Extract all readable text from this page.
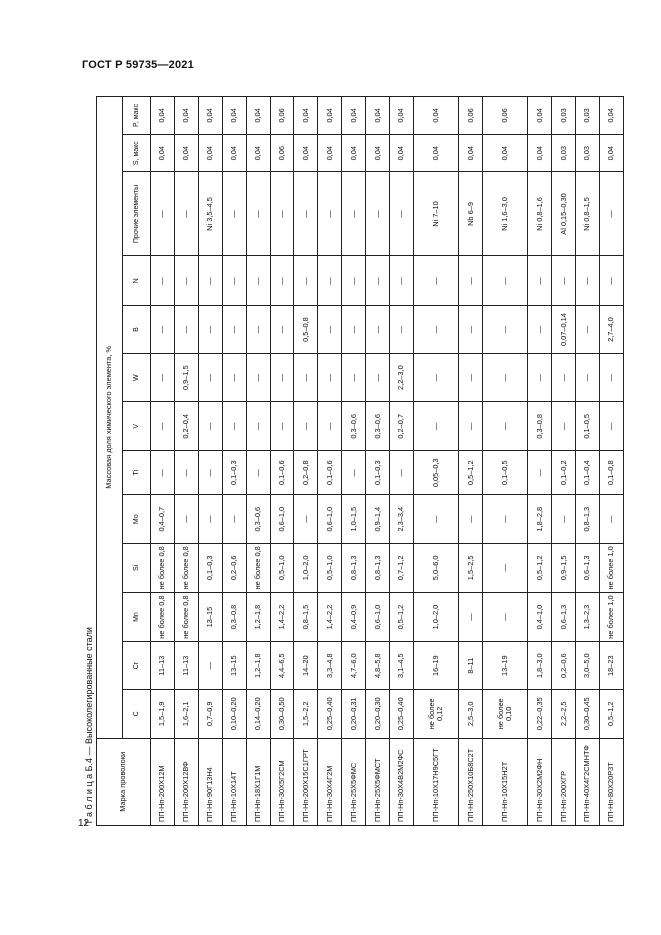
ГОСТ Р 59735—2021
12
Т а б л и ц а Б.4 — Высоколегированные стали	Марка проволоки	Массовая доля химического элемента, %												
	C	Cr	Mn	Si	Mo	Ti	V	W	B	N	Прочие элементы	S, макс	P, макс
ПП-Нп-200Х12М	1,5–1,9	11–13	не более 0,8	не более 0,8	0,4–0,7	—	—	—	—	—	—	0,04	0,04
ПП-Нп-200Х12ВФ	1,6–2,1	11–13	не более 0,8	не более 0,8	—	—	0,2–0,4	0,9–1,5	—	—	—	0,04	0,04
ПП-Нп-90Г13Н4	0,7–0,9	—	13–15	0,1–0,3	—	—	—	—	—	—	Ni 3,5–4,5	0,04	0,04
ПП-Нп-10Х14Т	0,10–0,20	13–15	0,3–0,8	0,2–0,6	—	0,1–0,3	—	—	—	—	—	0,04	0,04
ПП-Нп-18Х1Г1М	0,14–0,20	1,2–1,8	1,2–1,8	не более 0,8	0,3–0,6	—	—	—	—	—	—	0,04	0,04
ПП-Нп-30Х5Г2СМ	0,30–0,50	4,4–6,5	1,4–2,2	0,5–1,0	0,6–1,0	0,1–0,6	—	—	—	—	—	0,06	0,06
ПП-Нп-200Х15С1ГРТ	1,5–2,2	14–20	0,8–1,5	1,0–2,0	—	0,2–0,8	—	—	0,5–0,8	—	—	0,04	0,04
ПП-Нп-30Х4Г2М	0,25–0,40	3,3–4,8	1,4–2,2	0,5–1,0	0,6–1,0	0,1–0,6	—	—	—	—	—	0,04	0,04
ПП-Нп-25Х5ФМС	0,20–0,31	4,7–6,0	0,4–0,9	0,8–1,3	1,0–1,5	—	0,3–0,6	—	—	—	—	0,04	0,04
ПП-Нп-25Х5ФМСТ	0,20–0,30	4,8–5,8	0,6–1,0	0,8–1,3	0,9–1,4	0,1–0,3	0,3–0,6	—	—	—	—	0,04	0,04
ПП-Нп-30Х4В2М2ФС	0,25–0,40	3,1–4,5	0,5–1,2	0,7–1,2	2,3–3,4	—	0,2–0,7	2,2–3,0	—	—	—	0,04	0,04
ПП-Нп-10Х17Н9С5ГТ	не более 0,12	16–19	1,0–2,0	5,0–6,0	—	0,05–0,3	—	—	—	—	Ni 7–10	0,04	0,04
ПП-Нп-250Х10Б8С2Т	2,5–3,0	8–11	—	1,5–2,5	—	0,5–1,2	—	—	—	—	Nb 6–9	0,04	0,06
ПП-Нп-10Х15Н2Т	не более 0,10	13–19	—	—	—	0,1–0,5	—	—	—	—	Ni 1,6–3,0	0,04	0,06
ПП-Нп-30Х2М2ФН	0,22–0,35	1,8–3,0	0,4–1,0	0,5–1,2	1,8–2,8	—	0,3–0,8	—	—	—	Ni 0,8–1,6	0,04	0,04
ПП-Нп-200ХГР	2,2–2,5	0,2–0,6	0,6–1,3	0,9–1,5	—	0,1–0,2	—	—	0,07–0,14	—	Al 0,15–0,30	0,03	0,03
ПП-Нп-40Х4Г2СМНТФ	0,30–0,45	3,0–5,0	1,3–2,3	0,6–1,3	0,8–1,3	0,1–0,4	0,1–0,5	—	—	—	Ni 0,8–1,5	0,03	0,03
ПП-Нп-80Х20Р3Т	0,5–1,2	18–23	не более 1,0	не более 1,0	—	0,1–0,8	—	—	2,7–4,0	—	—	0,04	0,04
